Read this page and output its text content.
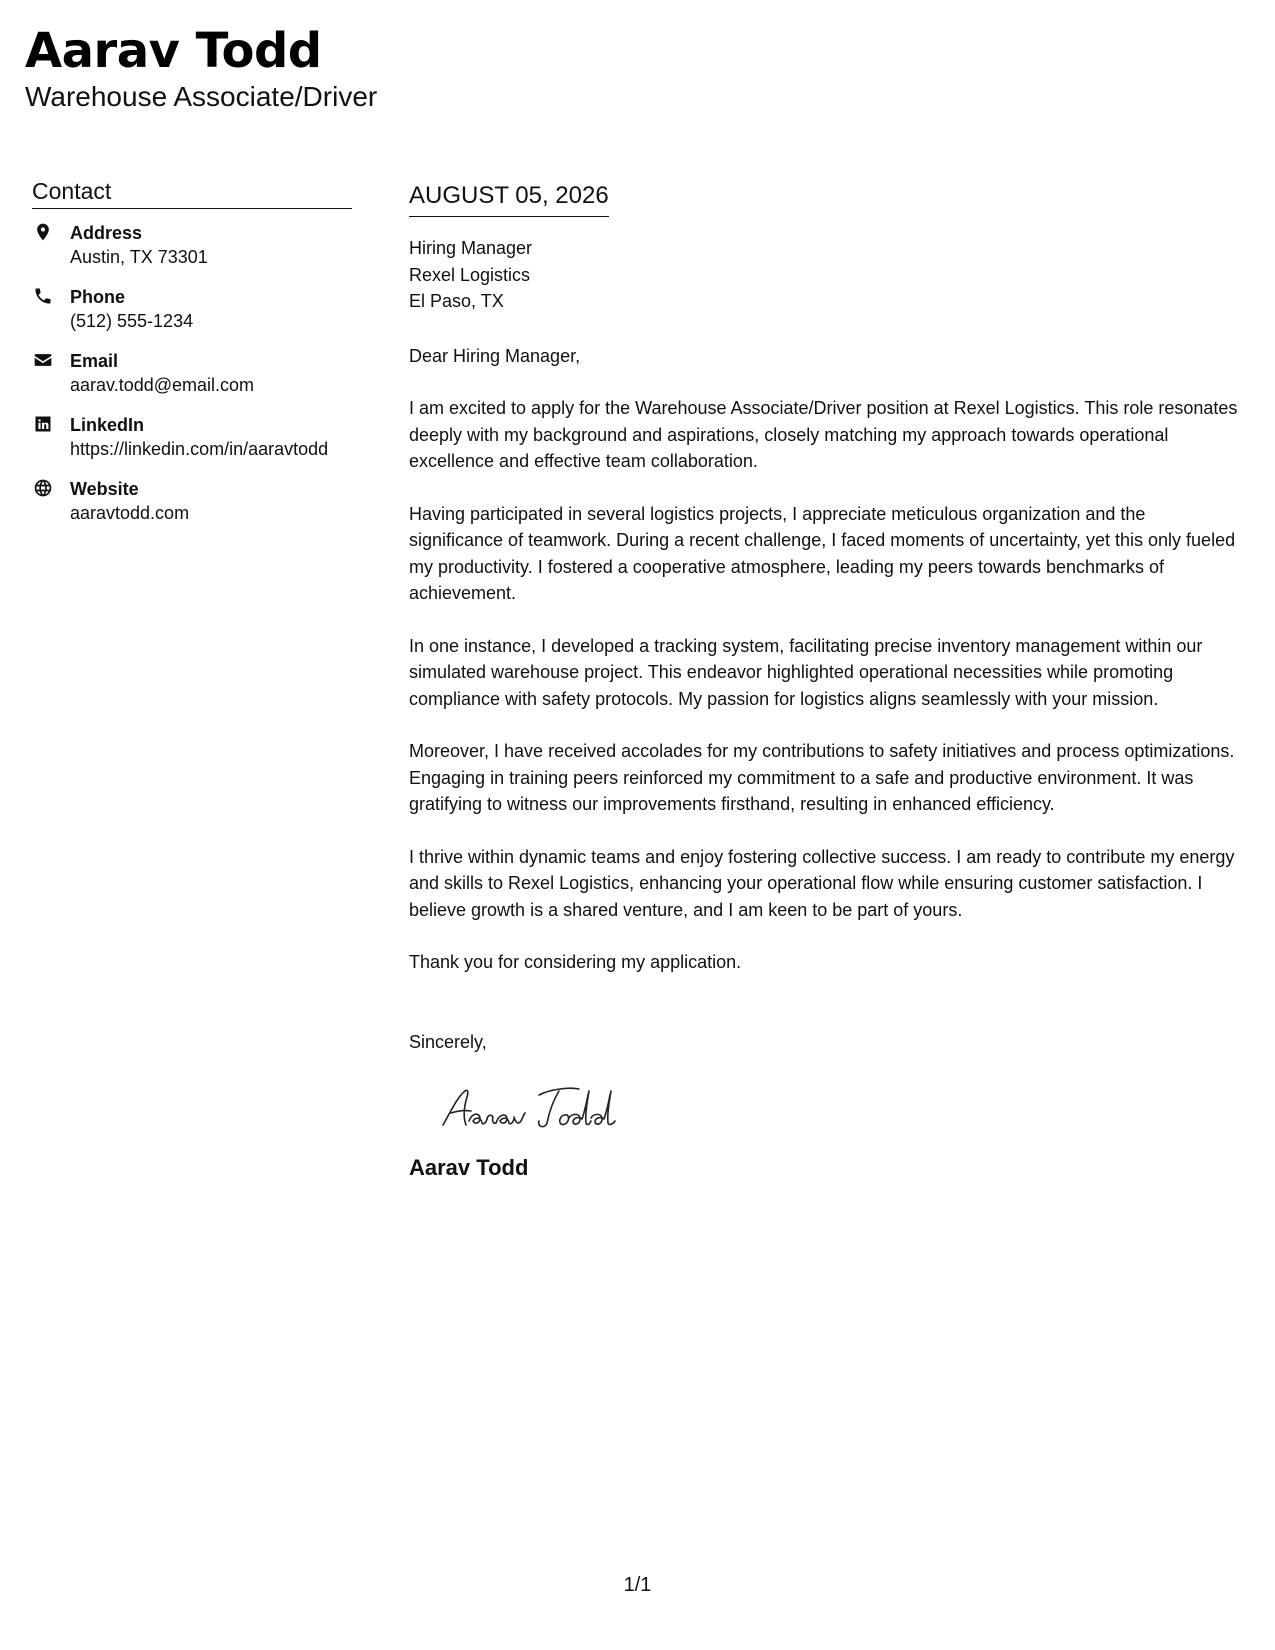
Aarav Todd
Warehouse Associate/Driver
Contact
Address
Austin, TX 73301
Phone
(512) 555-1234
Email
aarav.todd@email.com
LinkedIn
https://linkedin.com/in/aaravtodd
Website
aaravtodd.com
AUGUST 05, 2026
Hiring Manager
Rexel Logistics
El Paso, TX
Dear Hiring Manager,
I am excited to apply for the Warehouse Associate/Driver position at Rexel Logistics. This role resonates deeply with my background and aspirations, closely matching my approach towards operational excellence and effective team collaboration.
Having participated in several logistics projects, I appreciate meticulous organization and the significance of teamwork. During a recent challenge, I faced moments of uncertainty, yet this only fueled my productivity. I fostered a cooperative atmosphere, leading my peers towards benchmarks of achievement.
In one instance, I developed a tracking system, facilitating precise inventory management within our simulated warehouse project. This endeavor highlighted operational necessities while promoting compliance with safety protocols. My passion for logistics aligns seamlessly with your mission.
Moreover, I have received accolades for my contributions to safety initiatives and process optimizations. Engaging in training peers reinforced my commitment to a safe and productive environment. It was gratifying to witness our improvements firsthand, resulting in enhanced efficiency.
I thrive within dynamic teams and enjoy fostering collective success. I am ready to contribute my energy and skills to Rexel Logistics, enhancing your operational flow while ensuring customer satisfaction. I believe growth is a shared venture, and I am keen to be part of yours.
Thank you for considering my application.
Sincerely,
Aarav Todd
1/1
